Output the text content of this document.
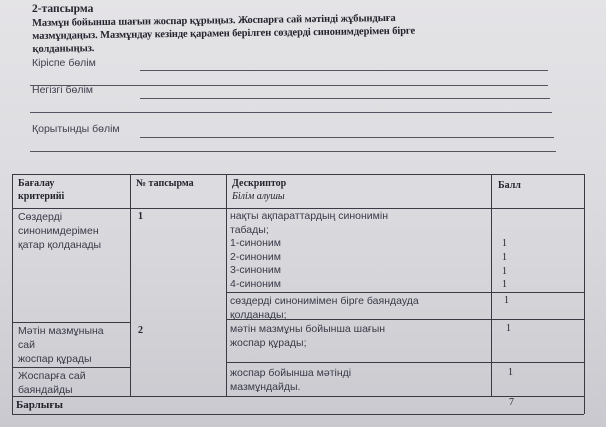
2-тапсырма
Мазмұн бойынша шағын жоспар құрыңыз. Жоспарға сай мәтінді жұбындыға
мазмұндаңыз. Мазмұндау кезінде қарамен берілген сөздерді синонимдерімен бірге
қолданыңыз.
Кіріспе бөлім
Негізгі бөлім
Қорытынды бөлім
Бағалау
критерийі
№ тапсырма	Дескриптор
Білім алушы
Балл
Сөздерді
синонимдерімен
қатар қолданады
Мәтін мазмұнына
сай
жоспар құрады
Жоспарға сай
баяндайды
1
2
нақты ақпараттардың синонимін
табады;
1-синоним
2-синоним
3-синоним
4-синоним
сөздерді синонимімен бірге баяндауда
қолданады;
мәтін мазмұны бойынша шағын
жоспар құрады;
жоспар бойынша мәтінді
мазмұндайды.
1
1
1
1
1
1
1
Барлығы	7
